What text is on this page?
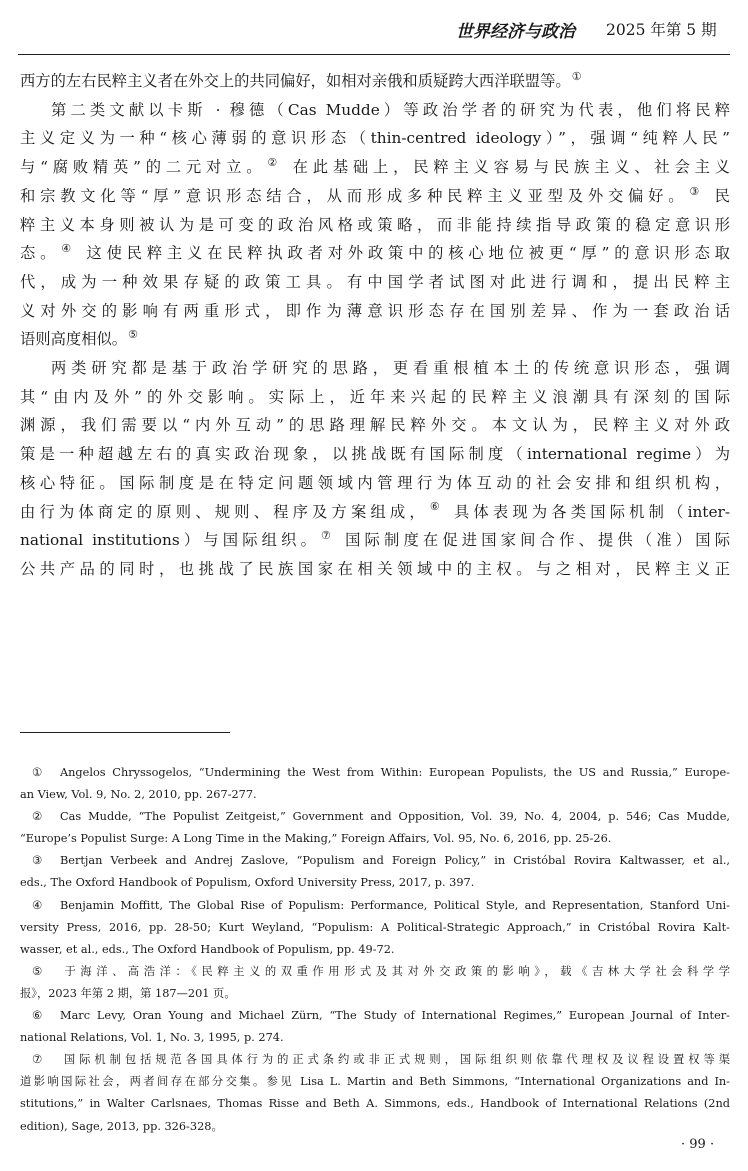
世界经济与政治 2025 年第 5 期

西方的左右民粹主义者在外交上的共同偏好，如相对亲俄和质疑跨大西洋联盟等。①

第二类文献以卡斯 · 穆德（Cas Mudde）等政治学者的研究为代表，他们将民粹

主义定义为一种“核心薄弱的意识形态（thin-centred ideology）”，强调“纯粹人民”

与“腐败精英”的二元对立。② 在此基础上，民粹主义容易与民族主义、社会主义

和宗教文化等“厚”意识形态结合，从而形成多种民粹主义亚型及外交偏好。③ 民

粹主义本身则被认为是可变的政治风格或策略，而非能持续指导政策的稳定意识形

态。④ 这使民粹主义在民粹执政者对外政策中的核心地位被更“厚”的意识形态取

代，成为一种效果存疑的政策工具。有中国学者试图对此进行调和，提出民粹主

义对外交的影响有两重形式，即作为薄意识形态存在国别差异、作为一套政治话

语则高度相似。⑤

两类研究都是基于政治学研究的思路，更看重根植本土的传统意识形态，强调

其“由内及外”的外交影响。实际上，近年来兴起的民粹主义浪潮具有深刻的国际

渊源，我们需要以“内外互动”的思路理解民粹外交。本文认为，民粹主义对外政

策是一种超越左右的真实政治现象，以挑战既有国际制度（international regime）为

核心特征。国际制度是在特定问题领域内管理行为体互动的社会安排和组织机构，

由行为体商定的原则、规则、程序及方案组成，⑥ 具体表现为各类国际机制（inter-

national institutions）与国际组织。⑦ 国际制度在促进国家间合作、提供（准）国际

公共产品的同时，也挑战了民族国家在相关领域中的主权。与之相对，民粹主义正

① Angelos Chryssogelos, “Undermining the West from Within: European Populists, the US and Russia,” Europe-

an View, Vol. 9, No. 2, 2010, pp. 267-277.

② Cas Mudde, “The Populist Zeitgeist,” Government and Opposition, Vol. 39, No. 4, 2004, p. 546; Cas Mudde,

“Europe’s Populist Surge: A Long Time in the Making,” Foreign Affairs, Vol. 95, No. 6, 2016, pp. 25-26.

③ Bertjan Verbeek and Andrej Zaslove, “Populism and Foreign Policy,” in Cristóbal Rovira Kaltwasser, et al.,

eds., The Oxford Handbook of Populism, Oxford University Press, 2017, p. 397.

④ Benjamin Moffitt, The Global Rise of Populism: Performance, Political Style, and Representation, Stanford Uni-

versity Press, 2016, pp. 28-50; Kurt Weyland, “Populism: A Political-Strategic Approach,” in Cristóbal Rovira Kalt-

wasser, et al., eds., The Oxford Handbook of Populism, pp. 49-72.

⑤ 于海洋、高浩洋：《民粹主义的双重作用形式及其对外交政策的影响》，载《吉林大学社会科学学

报》，2023 年第 2 期，第 187—201 页。

⑥ Marc Levy, Oran Young and Michael Zürn, “The Study of International Regimes,” European Journal of Inter-

national Relations, Vol. 1, No. 3, 1995, p. 274.

⑦ 国际机制包括规范各国具体行为的正式条约或非正式规则，国际组织则依靠代理权及议程设置权等渠

道影响国际社会，两者间存在部分交集。参见 Lisa L. Martin and Beth Simmons, “International Organizations and In-

stitutions,” in Walter Carlsnaes, Thomas Risse and Beth A. Simmons, eds., Handbook of International Relations (2nd

edition), Sage, 2013, pp. 326-328。

· 99 ·
